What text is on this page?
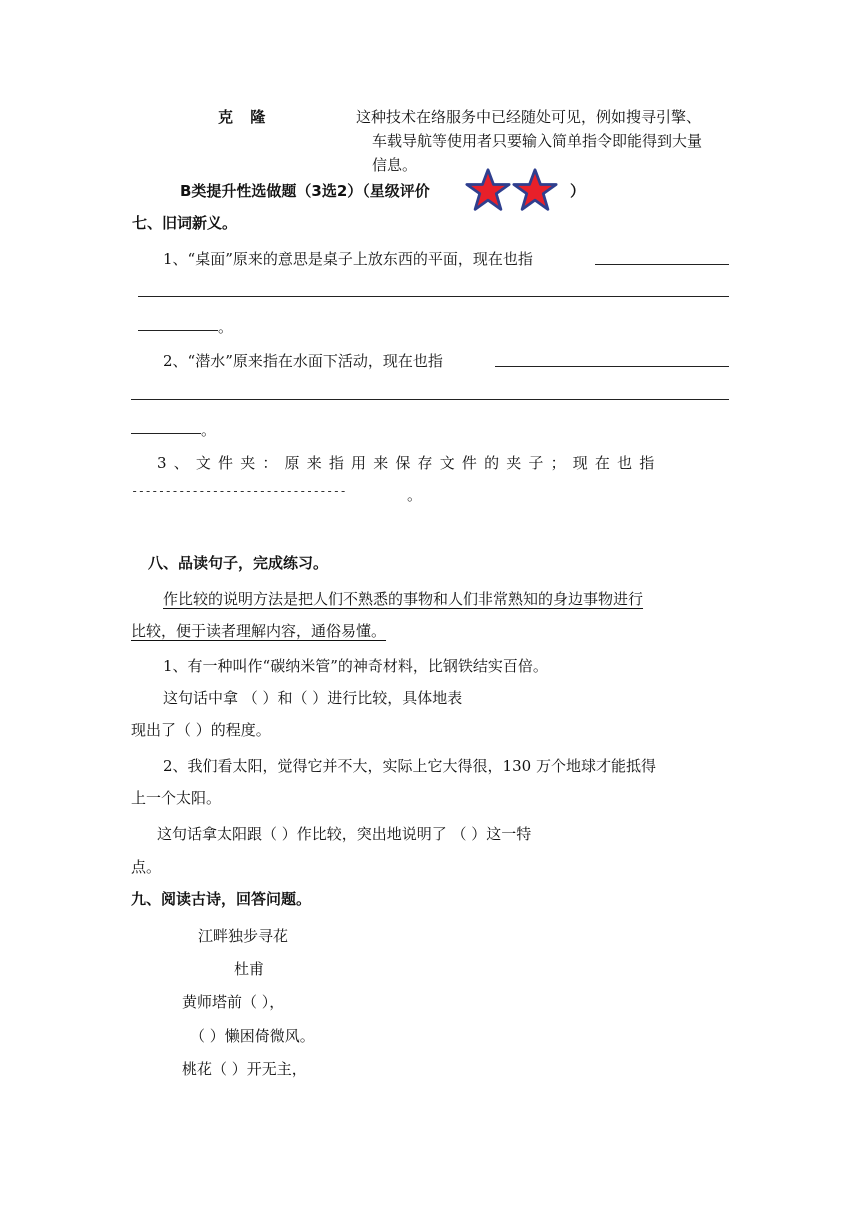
克 隆	这种技术在络服务中已经随处可见，例如搜寻引擎、
车载导航等使用者只要输入简单指令即能得到大量
信息。
B类提升性选做题（3选2）（星级评价	）
七、旧词新义。
1、“桌面”原来的意思是桌子上放东西的平面，现在也指
。
2、“潜水”原来指在水面下活动，现在也指
。
3 、 文 件 夹 ： 原 来 指 用 来 保 存 文 件 的 夹 子 ； 现 在 也 指
--------------------------------	。
八、品读句子，完成练习。
作比较的说明方法是把人们不熟悉的事物和人们非常熟知的身边事物进行
比较，便于读者理解内容，通俗易懂。
1、有一种叫作“碳纳米管”的神奇材料，比钢铁结实百倍。
这句话中拿 （ ）和（ ）进行比较，具体地表
现出了（ ）的程度。
2、我们看太阳，觉得它并不大，实际上它大得很，130 万个地球才能抵得
上一个太阳。
这句话拿太阳跟（ ）作比较，突出地说明了 （ ）这一特
点。
九、阅读古诗，回答问题。
江畔独步寻花
杜甫
黄师塔前（ ），
（ ）懒困倚微风。
桃花（ ）开无主，
